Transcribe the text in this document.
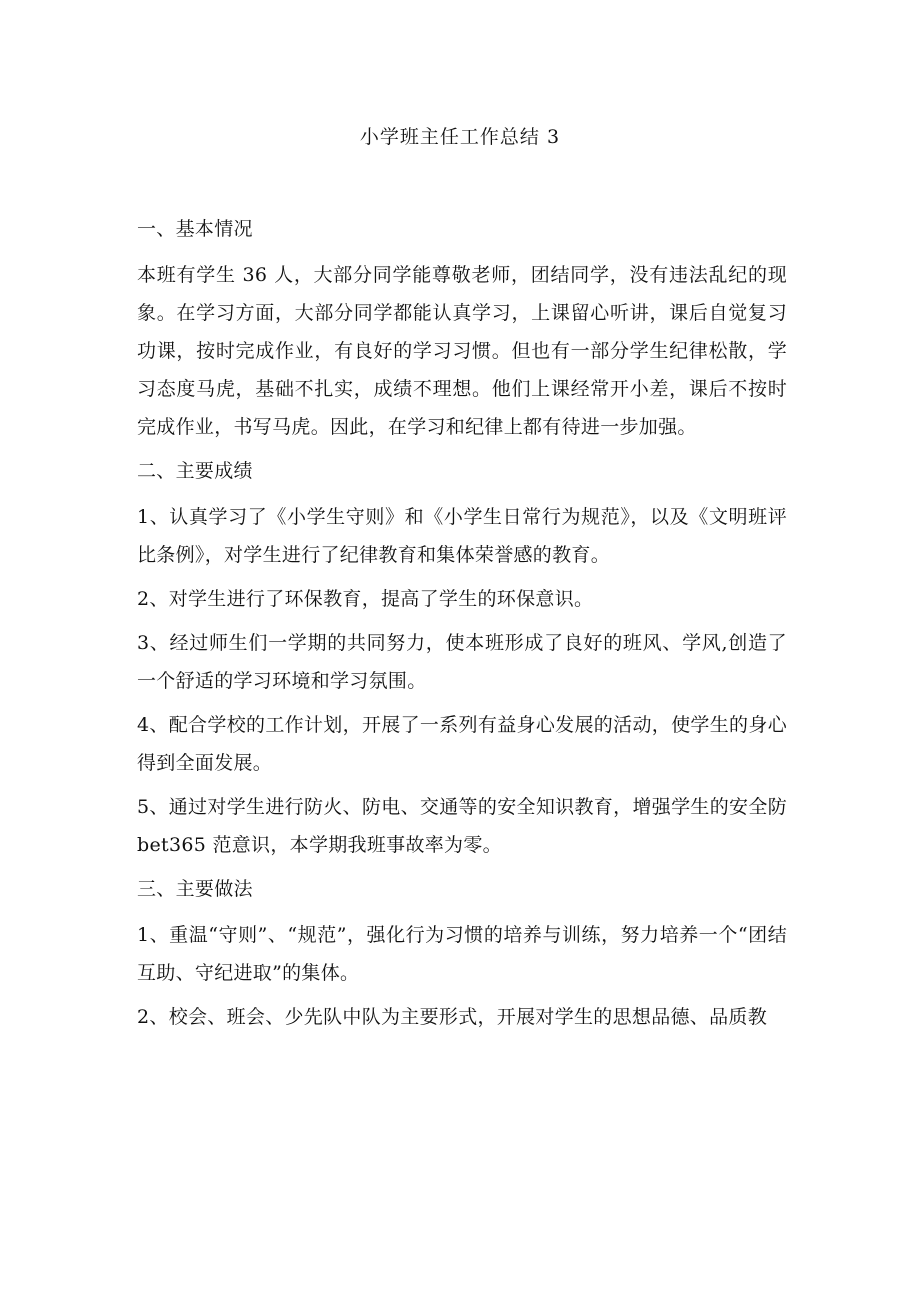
小学班主任工作总结 3

一、基本情况

本班有学生 36 人，大部分同学能尊敬老师，团结同学，没有违法乱纪的现象。在学习方面，大部分同学都能认真学习，上课留心听讲，课后自觉复习功课，按时完成作业，有良好的学习习惯。但也有一部分学生纪律松散，学习态度马虎，基础不扎实，成绩不理想。他们上课经常开小差，课后不按时完成作业，书写马虎。因此，在学习和纪律上都有待进一步加强。

二、主要成绩

1、认真学习了《小学生守则》和《小学生日常行为规范》，以及《文明班评比条例》，对学生进行了纪律教育和集体荣誉感的教育。

2、对学生进行了环保教育，提高了学生的环保意识。

3、经过师生们一学期的共同努力，使本班形成了良好的班风、学风,创造了一个舒适的学习环境和学习氛围。

4、配合学校的工作计划，开展了一系列有益身心发展的活动，使学生的身心得到全面发展。

5、通过对学生进行防火、防电、交通等的安全知识教育，增强学生的安全防 bet365 范意识，本学期我班事故率为零。

三、主要做法

1、重温“守则”、“规范”，强化行为习惯的培养与训练，努力培养一个“团结互助、守纪进取”的集体。

2、校会、班会、少先队中队为主要形式，开展对学生的思想品德、品质教
